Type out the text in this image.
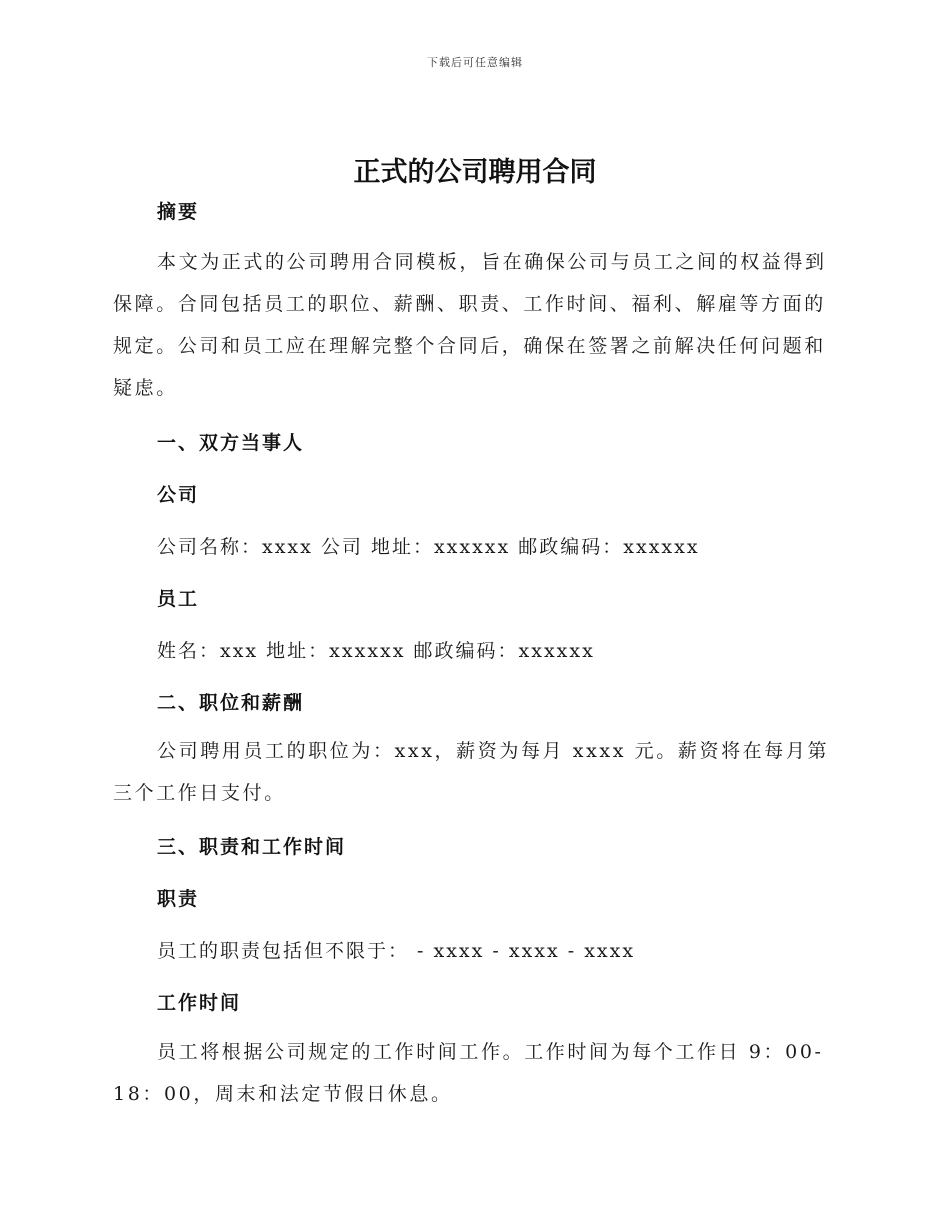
下载后可任意编辑
正式的公司聘用合同
摘要

本文为正式的公司聘用合同模板，旨在确保公司与员工之间的权益得到保障。合同包括员工的职位、薪酬、职责、工作时间、福利、解雇等方面的规定。公司和员工应在理解完整个合同后，确保在签署之前解决任何问题和疑虑。

一、双方当事人
公司
公司名称：xxxx 公司 地址：xxxxxx 邮政编码：xxxxxx
员工
姓名：xxx 地址：xxxxxx 邮政编码：xxxxxx
二、职位和薪酬

公司聘用员工的职位为：xxx，薪资为每月 xxxx 元。薪资将在每月第三个工作日支付。

三、职责和工作时间
职责
员工的职责包括但不限于： - xxxx - xxxx - xxxx
工作时间

员工将根据公司规定的工作时间工作。工作时间为每个工作日 9：00-18：00，周末和法定节假日休息。
